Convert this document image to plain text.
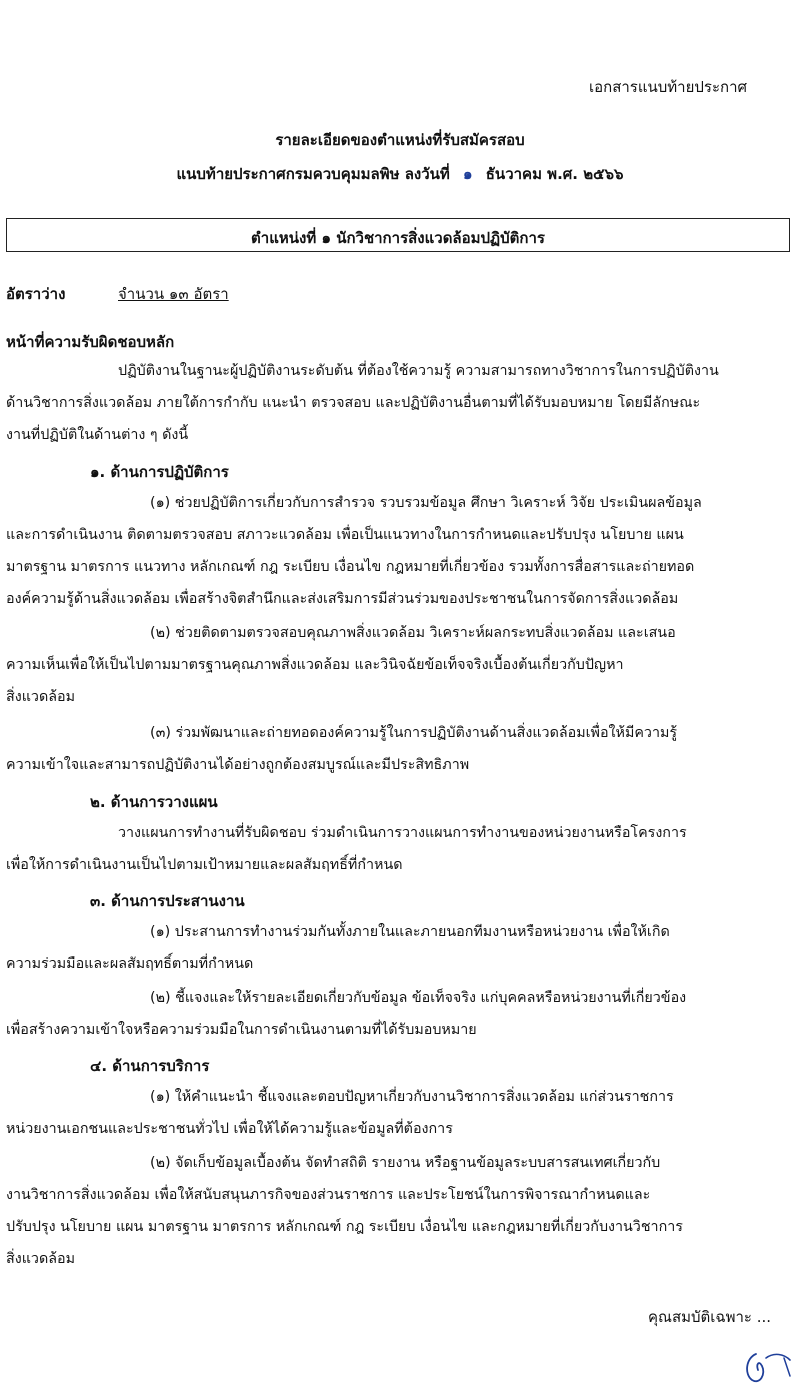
เอกสารแนบท้ายประกาศ
รายละเอียดของตำแหน่งที่รับสมัครสอบ
แนบท้ายประกาศกรมควบคุมมลพิษ ลงวันที่ ๑ ธันวาคม พ.ศ. ๒๕๖๖
ตำแหน่งที่ ๑ นักวิชาการสิ่งแวดล้อมปฏิบัติการ
อัตราว่าง	จำนวน ๑๓ อัตรา
หน้าที่ความรับผิดชอบหลัก
ปฏิบัติงานในฐานะผู้ปฏิบัติงานระดับต้น ที่ต้องใช้ความรู้ ความสามารถทางวิชาการในการปฏิบัติงาน
ด้านวิชาการสิ่งแวดล้อม ภายใต้การกำกับ แนะนำ ตรวจสอบ และปฏิบัติงานอื่นตามที่ได้รับมอบหมาย โดยมีลักษณะ
งานที่ปฏิบัติในด้านต่าง ๆ ดังนี้
๑. ด้านการปฏิบัติการ
(๑) ช่วยปฏิบัติการเกี่ยวกับการสำรวจ รวบรวมข้อมูล ศึกษา วิเคราะห์ วิจัย ประเมินผลข้อมูล
และการดำเนินงาน ติดตามตรวจสอบ สภาวะแวดล้อม เพื่อเป็นแนวทางในการกำหนดและปรับปรุง นโยบาย แผน
มาตรฐาน มาตรการ แนวทาง หลักเกณฑ์ กฎ ระเบียบ เงื่อนไข กฎหมายที่เกี่ยวข้อง รวมทั้งการสื่อสารและถ่ายทอด
องค์ความรู้ด้านสิ่งแวดล้อม เพื่อสร้างจิตสำนึกและส่งเสริมการมีส่วนร่วมของประชาชนในการจัดการสิ่งแวดล้อม
(๒) ช่วยติดตามตรวจสอบคุณภาพสิ่งแวดล้อม วิเคราะห์ผลกระทบสิ่งแวดล้อม และเสนอ
ความเห็นเพื่อให้เป็นไปตามมาตรฐานคุณภาพสิ่งแวดล้อม และวินิจฉัยข้อเท็จจริงเบื้องต้นเกี่ยวกับปัญหา
สิ่งแวดล้อม
(๓) ร่วมพัฒนาและถ่ายทอดองค์ความรู้ในการปฏิบัติงานด้านสิ่งแวดล้อมเพื่อให้มีความรู้
ความเข้าใจและสามารถปฏิบัติงานได้อย่างถูกต้องสมบูรณ์และมีประสิทธิภาพ
๒. ด้านการวางแผน
วางแผนการทำงานที่รับผิดชอบ ร่วมดำเนินการวางแผนการทำงานของหน่วยงานหรือโครงการ
เพื่อให้การดำเนินงานเป็นไปตามเป้าหมายและผลสัมฤทธิ์ที่กำหนด
๓. ด้านการประสานงาน
(๑) ประสานการทำงานร่วมกันทั้งภายในและภายนอกทีมงานหรือหน่วยงาน เพื่อให้เกิด
ความร่วมมือและผลสัมฤทธิ์ตามที่กำหนด
(๒) ชี้แจงและให้รายละเอียดเกี่ยวกับข้อมูล ข้อเท็จจริง แก่บุคคลหรือหน่วยงานที่เกี่ยวข้อง
เพื่อสร้างความเข้าใจหรือความร่วมมือในการดำเนินงานตามที่ได้รับมอบหมาย
๔. ด้านการบริการ
(๑) ให้คำแนะนำ ชี้แจงและตอบปัญหาเกี่ยวกับงานวิชาการสิ่งแวดล้อม แก่ส่วนราชการ
หน่วยงานเอกชนและประชาชนทั่วไป เพื่อให้ได้ความรู้และข้อมูลที่ต้องการ
(๒) จัดเก็บข้อมูลเบื้องต้น จัดทำสถิติ รายงาน หรือฐานข้อมูลระบบสารสนเทศเกี่ยวกับ
งานวิชาการสิ่งแวดล้อม เพื่อให้สนับสนุนภารกิจของส่วนราชการ และประโยชน์ในการพิจารณากำหนดและ
ปรับปรุง นโยบาย แผน มาตรฐาน มาตรการ หลักเกณฑ์ กฎ ระเบียบ เงื่อนไข และกฎหมายที่เกี่ยวกับงานวิชาการ
สิ่งแวดล้อม
คุณสมบัติเฉพาะ ...
